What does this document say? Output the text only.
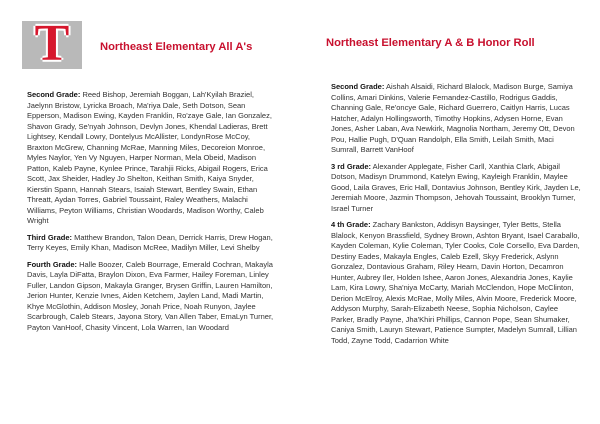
T	Northeast Elementary All A's	Northeast Elementary A & B Honor Roll

Second Grade: Reed Bishop, Jeremiah Boggan, Lah'Kyilah Braziel, Jaelynn Bristow, Lyricka Broach, Ma'riya Dale, Seth Dotson, Sean Epperson, Madison Ewing, Kayden Franklin, Ro'zaye Gale, Ian Gonzalez, Shavon Grady, Se'nyah Johnson, Devlyn Jones, Khendal Ladieras, Brett Lightsey, Kendall Lowry, Dontelyus McAllister, LondynRose McCoy, Braxton McGrew, Channing McRae, Manning Miles, Decoreion Monroe, Myles Naylor, Yen Vy Nguyen, Harper Norman, Mela Obeid, Madison Patton, Kaleb Payne, Kynlee Prince, Tarahjii Ricks, Abigail Rogers, Erica Scott, Jax Sheider, Hadley Jo Shelton, Keithan Smith, Kaiya Snyder, Kierstin Spann, Hannah Stears, Isaiah Stewart, Bentley Swain, Ethan Threatt, Aydan Torres, Gabriel Toussaint, Raley Weathers, Malachi Williams, Peyton Williams, Christian Woodards, Madison Worthy, Caleb Wright

Third Grade: Matthew Brandon, Talon Dean, Derrick Harris, Drew Hogan, Terry Keyes, Emily Khan, Madison McRee, Madilyn Miller, Levi Shelby

Fourth Grade: Halle Boozer, Caleb Bourrage, Emerald Cochran, Makayla Davis, Layla DiFatta, Braylon Dixon, Eva Farmer, Hailey Foreman, Linley Fuller, Landon Gipson, Makayla Granger, Brysen Griffin, Lauren Hamilton, Jerion Hunter, Kenzie Ivnes, Aiden Ketchem, Jaylen Land, Madi Martin, Khye McGlothin, Addison Mosley, Jonah Price, Noah Runyon, Jaylee Scarbrough, Caleb Stears, Jayona Story, Van Allen Taber, EmaLyn Turner, Payton VanHoof, Chasity Vincent, Lola Warren, Ian Woodard

Second Grade: Aishah Alsaidi, Richard Blalock, Madison Burge, Samiya Collins, Amari Dinkins, Valerie Fernandez-Castillo, Rodrigus Gaddis, Channing Gale, Re'oncye Gale, Richard Guerrero, Caitlyn Harris, Lucas Hatcher, Adalyn Hollingsworth, Timothy Hopkins, Adysen Horne, Evan Jones, Asher Laban, Ava Newkirk, Magnolia Northam, Jeremy Ott, Devon Pou, Hallie Pugh, D'Quan Randolph, Ella Smith, Leilah Smith, Maci Sumrall, Barrett VanHoof

3 rd Grade: Alexander Applegate, Fisher Carll, Xanthia Clark, Abigail Dotson, Madisyn Drummond, Katelyn Ewing, Kayleigh Franklin, Maylee Good, Laila Graves, Eric Hall, Dontavius Johnson, Bentley Kirk, Jayden Le, Jeremiah Moore, Jazmin Thompson, Jehovah Toussaint, Brooklyn Turner, Israel Turner

4 th Grade: Zachary Bankston, Addisyn Baysinger, Tyler Betts, Stella Blalock, Kenyon Brassfield, Sydney Brown, Ashton Bryant, Isael Caraballo, Kayden Coleman, Kylie Coleman, Tyler Cooks, Cole Corsello, Eva Darden, Destiny Eades, Makayla Engles, Caleb Ezell, Skyy Frederick, Aslynn Gonzalez, Dontavious Graham, Riley Hearn, Davin Horton, Decamron Hunter, Aubrey Iler, Holden Ishee, Aaron Jones, Alexandria Jones, Kaylie Lam, Kira Lowry, Sha'niya McCarty, Mariah McClendon, Hope McClinton, Derion McElroy, Alexis McRae, Molly Miles, Alvin Moore, Frederick Moore, Addyson Murphy, Sarah-Elizabeth Neese, Sophia Nicholson, Caylee Parker, Bradly Payne, Jha'Khiri Phillips, Cannon Pope, Sean Shumaker, Caniya Smith, Lauryn Stewart, Patience Sumpter, Madelyn Sumrall, Lillian Todd, Zayne Todd, Cadarrion White
